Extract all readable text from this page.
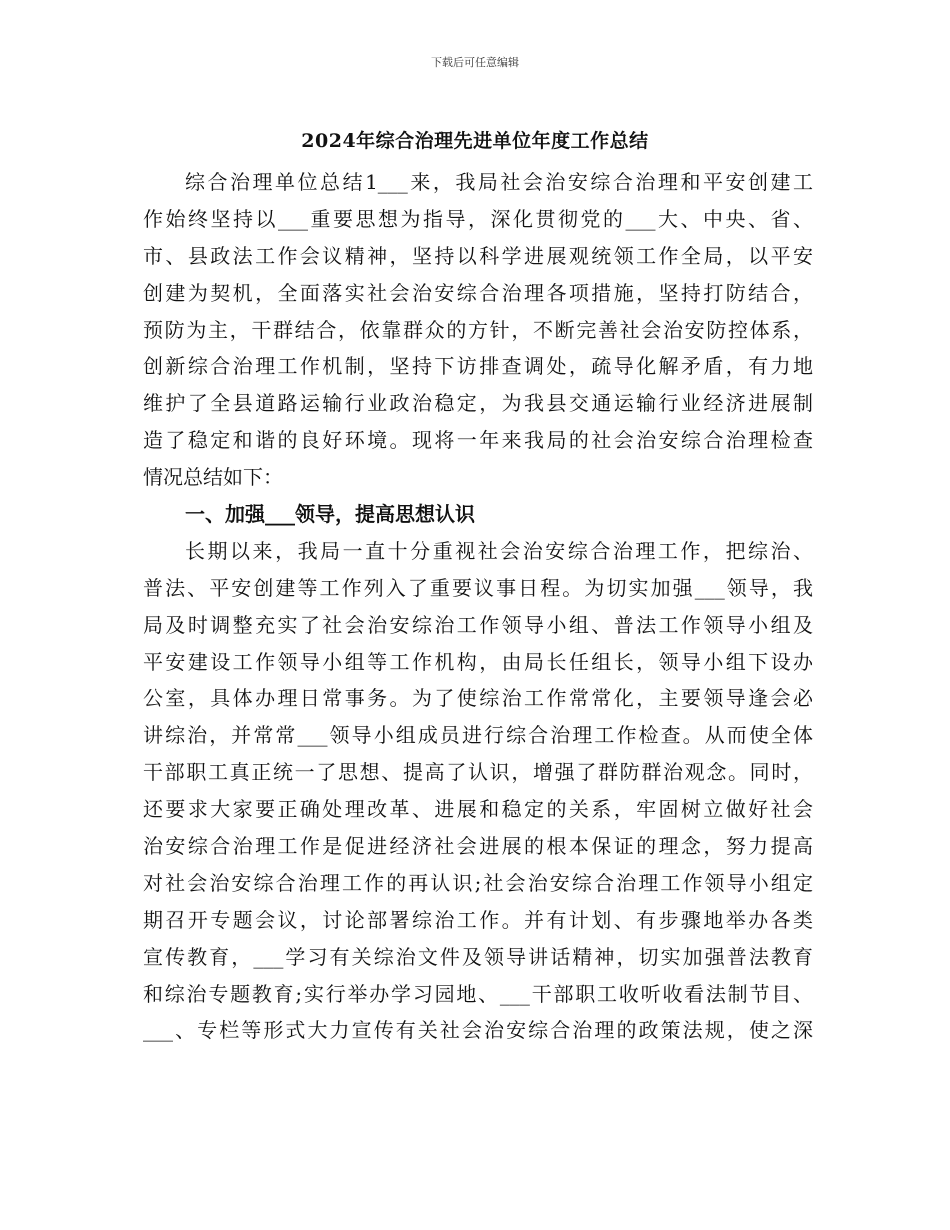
下载后可任意编辑
2024年综合治理先进单位年度工作总结
综合治理单位总结1___来，我局社会治安综合治理和平安创建工
作始终坚持以___重要思想为指导，深化贯彻党的___大、中央、省、
市、县政法工作会议精神，坚持以科学进展观统领工作全局，以平安
创建为契机，全面落实社会治安综合治理各项措施，坚持打防结合，
预防为主，干群结合，依靠群众的方针，不断完善社会治安防控体系，
创新综合治理工作机制，坚持下访排查调处，疏导化解矛盾，有力地
维护了全县道路运输行业政治稳定，为我县交通运输行业经济进展制
造了稳定和谐的良好环境。现将一年来我局的社会治安综合治理检查
情况总结如下：
一、加强___领导，提高思想认识
长期以来，我局一直十分重视社会治安综合治理工作，把综治、
普法、平安创建等工作列入了重要议事日程。为切实加强___领导，我
局及时调整充实了社会治安综治工作领导小组、普法工作领导小组及
平安建设工作领导小组等工作机构，由局长任组长，领导小组下设办
公室，具体办理日常事务。为了使综治工作常常化，主要领导逢会必
讲综治，并常常___领导小组成员进行综合治理工作检查。从而使全体
干部职工真正统一了思想、提高了认识，增强了群防群治观念。同时，
还要求大家要正确处理改革、进展和稳定的关系，牢固树立做好社会
治安综合治理工作是促进经济社会进展的根本保证的理念，努力提高
对社会治安综合治理工作的再认识;社会治安综合治理工作领导小组定
期召开专题会议，讨论部署综治工作。并有计划、有步骤地举办各类
宣传教育，___学习有关综治文件及领导讲话精神，切实加强普法教育
和综治专题教育;实行举办学习园地、___干部职工收听收看法制节目、
___、专栏等形式大力宣传有关社会治安综合治理的政策法规，使之深
